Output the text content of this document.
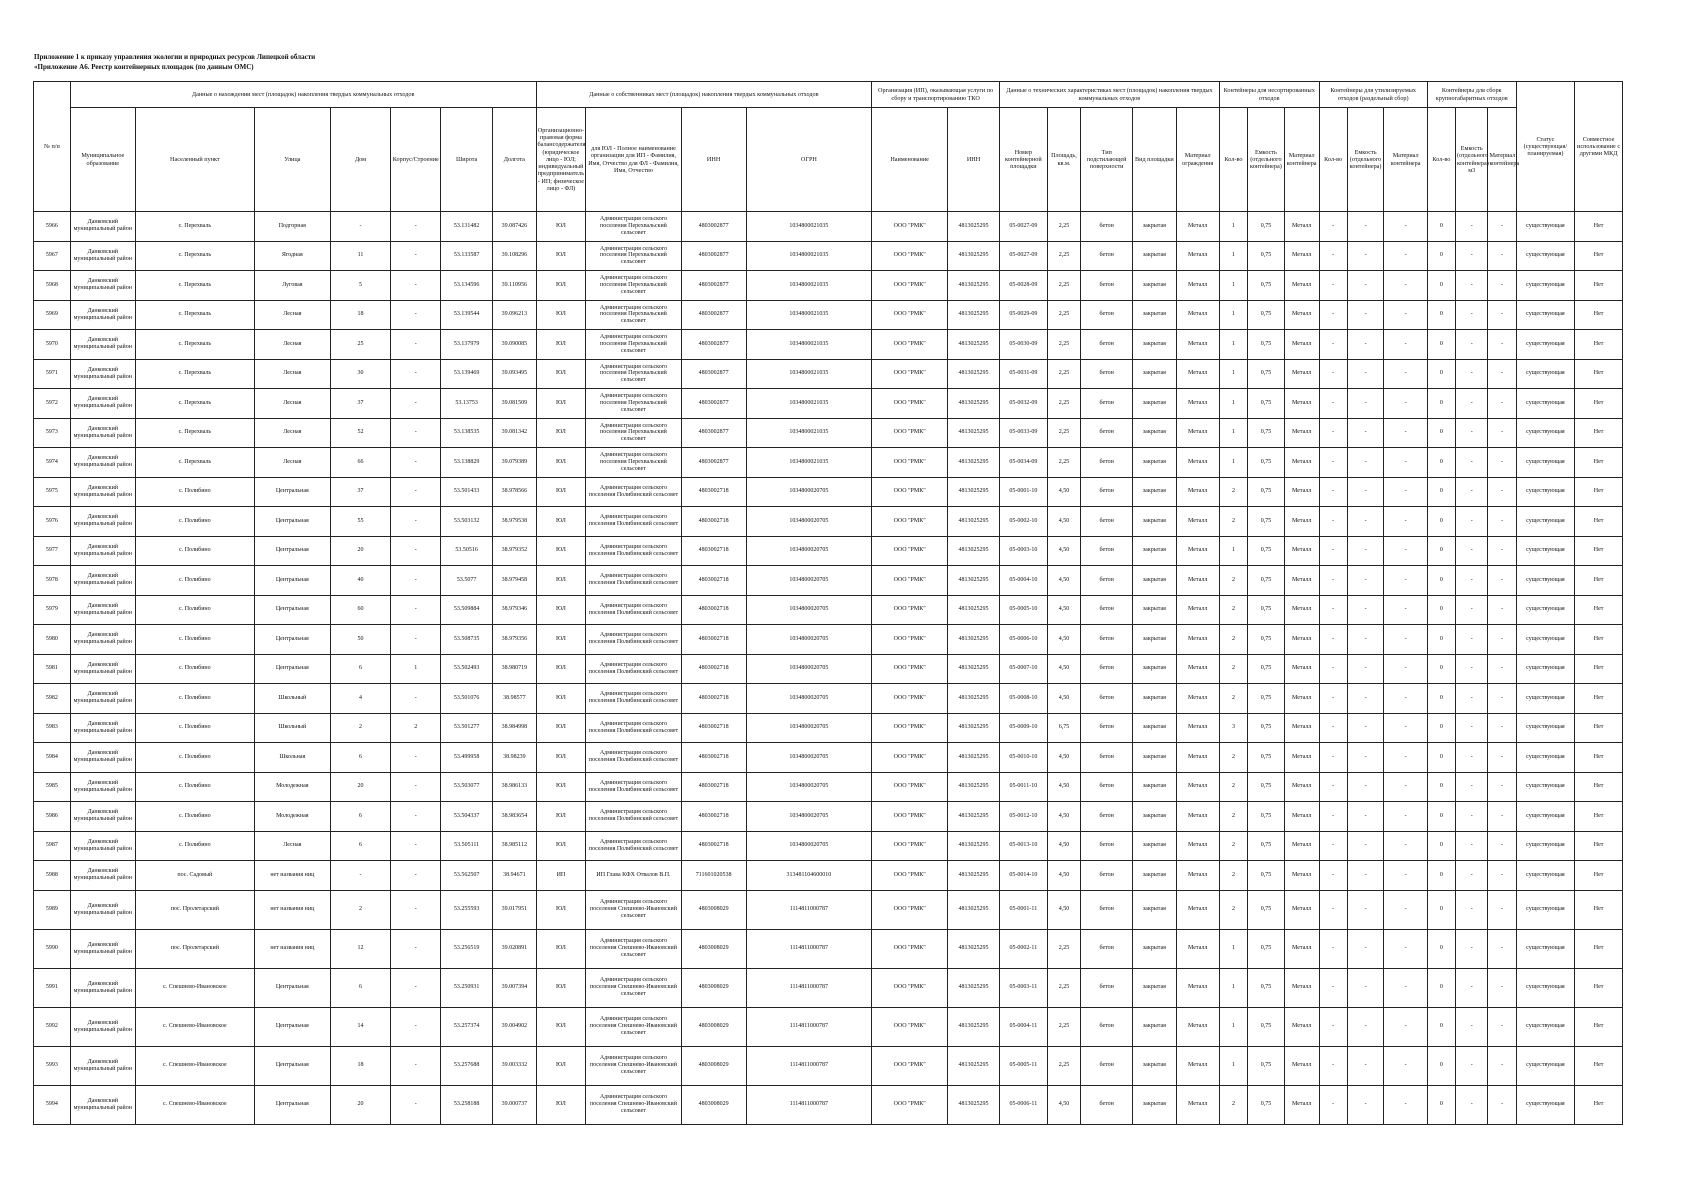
Приложение 1 к приказу управления экологии и природных ресурсов Липецкой области
«Приложение А6. Реестр контейнерных площадок (по данным ОМС)
№ п/п	Данные о нахождении мест (площадок) накопления твердых коммунальных отходов							Данные о собственниках мест (площадок) накопления твердых коммунальных отходов				Организация (ИП), оказывающая услуги по сбору и транспортированию ТКО		Данные о технических характеристиках мест (площадок) накопления твердых коммунальных отходов					Контейнеры для несортированных отходов			Контейнеры для утилизируемых отходов (раздельный сбор)			Контейнеры для сборк крупногабаритных отходов			Статус (существующая/планируемая)	Совместное использование с другими МКД
	Муниципальное образование	Населенный пункт	Улица	Дом	Корпус/Строение	Широта	Долгота	Организационно-правовая форма балансодержателя (юридическое лицо - ЮЛ; индивидуальный предприниматель - ИП; физическое лицо - ФЛ)	для ЮЛ - Полное наименование организации для ИП - Фамилия, Имя, Отчество для ФЛ - Фамилия, Имя, Отчество	ИНН	ОГРН	Наименование	ИНН	Номер контейнерной площадки	Площадь, кв.м.	Тип подстилающей поверхности	Вид площадки	Материал ограждения	Кол-во	Емкость (отдельного контейнера)	Материал контейнера	Кол-во	Емкость (отдельного контейнера)	Материал контейнера	Кол-во	Емкость (отдельного контейнера) м3	Материал контейнера		
5966	Данковский муниципальный район	с. Перехваль	Подгорная	-	-	53.131482	39.087426	ЮЛ	Администрация сельского поселения Перехвальский сельсовет	4803002877	1034800021035	ООО "РМК"	4813025295	05-0027-09	2,25	бетон	закрытая	Металл	1	0,75	Металл	-	-	-	0	-	-	существующая	Нет
5967	Данковский муниципальный район	с. Перехваль	Ягодная	11	-	53.133587	39.108296	ЮЛ	Администрация сельского поселения Перехвальский сельсовет	4803002877	1034800021035	ООО "РМК"	4813025295	05-0027-09	2,25	бетон	закрытая	Металл	1	0,75	Металл	-	-	-	0	-	-	существующая	Нет
5968	Данковский муниципальный район	с. Перехваль	Луговая	5	-	53.134596	39.110956	ЮЛ	Администрация сельского поселения Перехвальский сельсовет	4803002877	1034800021035	ООО "РМК"	4813025295	05-0028-09	2,25	бетон	закрытая	Металл	1	0,75	Металл	-	-	-	0	-	-	существующая	Нет
5969	Данковский муниципальный район	с. Перехваль	Лесная	18	-	53.139544	39.096213	ЮЛ	Администрация сельского поселения Перехвальский сельсовет	4803002877	1034800021035	ООО "РМК"	4813025295	05-0029-09	2,25	бетон	закрытая	Металл	1	0,75	Металл	-	-	-	0	-	-	существующая	Нет
5970	Данковский муниципальный район	с. Перехваль	Лесная	25	-	53.137979	39.090085	ЮЛ	Администрация сельского поселения Перехвальский сельсовет	4803002877	1034800021035	ООО "РМК"	4813025295	05-0030-09	2,25	бетон	закрытая	Металл	1	0,75	Металл	-	-	-	0	-	-	существующая	Нет
5971	Данковский муниципальный район	с. Перехваль	Лесная	30	-	53.139469	39.093495	ЮЛ	Администрация сельского поселения Перехвальский сельсовет	4803002877	1034800021035	ООО "РМК"	4813025295	05-0031-09	2,25	бетон	закрытая	Металл	1	0,75	Металл	-	-	-	0	-	-	существующая	Нет
5972	Данковский муниципальный район	с. Перехваль	Лесная	37	-	53.13753	39.081509	ЮЛ	Администрация сельского поселения Перехвальский сельсовет	4803002877	1034800021035	ООО "РМК"	4813025295	05-0032-09	2,25	бетон	закрытая	Металл	1	0,75	Металл	-	-	-	0	-	-	существующая	Нет
5973	Данковский муниципальный район	с. Перехваль	Лесная	52	-	53.138535	39.081342	ЮЛ	Администрация сельского поселения Перехвальский сельсовет	4803002877	1034800021035	ООО "РМК"	4813025295	05-0033-09	2,25	бетон	закрытая	Металл	1	0,75	Металл	-	-	-	0	-	-	существующая	Нет
5974	Данковский муниципальный район	с. Перехваль	Лесная	66	-	53.138829	39.079389	ЮЛ	Администрация сельского поселения Перехвальский сельсовет	4803002877	1034800021035	ООО "РМК"	4813025295	05-0034-09	2,25	бетон	закрытая	Металл	1	0,75	Металл	-	-	-	0	-	-	существующая	Нет
5975	Данковский муниципальный район	с. Полибино	Центральная	37	-	53.501433	38.978566	ЮЛ	Администрация сельского поселения Полибинский сельсовет	4803002718	1034800020705	ООО "РМК"	4813025295	05-0001-10	4,50	бетон	закрытая	Металл	2	0,75	Металл	-	-	-	0	-	-	существующая	Нет
5976	Данковский муниципальный район	с. Полибино	Центральная	55	-	53.503132	38.979538	ЮЛ	Администрация сельского поселения Полибинский сельсовет	4803002718	1034800020705	ООО "РМК"	4813025295	05-0002-10	4,50	бетон	закрытая	Металл	2	0,75	Металл	-	-	-	0	-	-	существующая	Нет
5977	Данковский муниципальный район	с. Полибино	Центральная	20	-	53.50516	38.979352	ЮЛ	Администрация сельского поселения Полибинский сельсовет	4803002718	1034800020705	ООО "РМК"	4813025295	05-0003-10	4,50	бетон	закрытая	Металл	1	0,75	Металл	-	-	-	0	-	-	существующая	Нет
5978	Данковский муниципальный район	с. Полибино	Центральная	40	-	53.5077	38.979458	ЮЛ	Администрация сельского поселения Полибинский сельсовет	4803002718	1034800020705	ООО "РМК"	4813025295	05-0004-10	4,50	бетон	закрытая	Металл	2	0,75	Металл	-	-	-	0	-	-	существующая	Нет
5979	Данковский муниципальный район	с. Полибино	Центральная	60	-	53.509884	38.979346	ЮЛ	Администрация сельского поселения Полибинский сельсовет	4803002718	1034800020705	ООО "РМК"	4813025295	05-0005-10	4,50	бетон	закрытая	Металл	2	0,75	Металл	-	-	-	0	-	-	существующая	Нет
5980	Данковский муниципальный район	с. Полибино	Центральная	50	-	53.508735	38.979356	ЮЛ	Администрация сельского поселения Полибинский сельсовет	4803002718	1034800020705	ООО "РМК"	4813025295	05-0006-10	4,50	бетон	закрытая	Металл	2	0,75	Металл	-	-	-	0	-	-	существующая	Нет
5981	Данковский муниципальный район	с. Полибино	Центральная	6	1	53.502493	38.980719	ЮЛ	Администрация сельского поселения Полибинский сельсовет	4803002718	1034800020705	ООО "РМК"	4813025295	05-0007-10	4,50	бетон	закрытая	Металл	2	0,75	Металл	-	-	-	0	-	-	существующая	Нет
5982	Данковский муниципальный район	с. Полибино	Школьный	4	-	53.501076	38.98577	ЮЛ	Администрация сельского поселения Полибинский сельсовет	4803002718	1034800020705	ООО "РМК"	4813025295	05-0008-10	4,50	бетон	закрытая	Металл	2	0,75	Металл	-	-	-	0	-	-	существующая	Нет
5983	Данковский муниципальный район	с. Полибино	Школьный	2	2	53.501277	38.984998	ЮЛ	Администрация сельского поселения Полибинский сельсовет	4803002718	1034800020705	ООО "РМК"	4813025295	05-0009-10	6,75	бетон	закрытая	Металл	3	0,75	Металл	-	-	-	0	-	-	существующая	Нет
5984	Данковский муниципальный район	с. Полибино	Школьная	6	-	53.499958	38.98239	ЮЛ	Администрация сельского поселения Полибинский сельсовет	4803002718	1034800020705	ООО "РМК"	4813025295	05-0010-10	4,50	бетон	закрытая	Металл	2	0,75	Металл	-	-	-	0	-	-	существующая	Нет
5985	Данковский муниципальный район	с. Полибино	Молодежная	20	-	53.503077	38.986133	ЮЛ	Администрация сельского поселения Полибинский сельсовет	4803002718	1034800020705	ООО "РМК"	4813025295	05-0011-10	4,50	бетон	закрытая	Металл	2	0,75	Металл	-	-	-	0	-	-	существующая	Нет
5986	Данковский муниципальный район	с. Полибино	Молодежная	6	-	53.504337	38.983654	ЮЛ	Администрация сельского поселения Полибинский сельсовет	4803002718	1034800020705	ООО "РМК"	4813025295	05-0012-10	4,50	бетон	закрытая	Металл	2	0,75	Металл	-	-	-	0	-	-	существующая	Нет
5987	Данковский муниципальный район	с. Полибино	Лесная	6	-	53.505111	38.985112	ЮЛ	Администрация сельского поселения Полибинский сельсовет	4803002718	1034800020705	ООО "РМК"	4813025295	05-0013-10	4,50	бетон	закрытая	Металл	2	0,75	Металл	-	-	-	0	-	-	существующая	Нет
5988	Данковский муниципальный район	пос. Садовый	нет названия ниц	-	-	53.562507	38.94671	ИП	ИП Глава КФХ Отвалов В.П.	711601020538	313481104600010	ООО "РМК"	4813025295	05-0014-10	4,50	бетон	закрытая	Металл	2	0,75	Металл	-	-	-	0	-	-	существующая	Нет
5989	Данковский муниципальный район	пос. Пролетарский	нет названия ниц	2	-	53.255593	39.017951	ЮЛ	Администрация сельского поселения Спешнево-Ивановский сельсовет	4803008029	1114811000787	ООО "РМК"	4813025295	05-0001-11	4,50	бетон	закрытая	Металл	2	0,75	Металл	-	-	-	0	-	-	существующая	Нет
5990	Данковский муниципальный район	пос. Пролетарский	нет названия ниц	12	-	53.256519	39.020891	ЮЛ	Администрация сельского поселения Спешнево-Ивановский сельсовет	4803008029	1114811000787	ООО "РМК"	4813025295	05-0002-11	2,25	бетон	закрытая	Металл	1	0,75	Металл	-	-	-	0	-	-	существующая	Нет
5991	Данковский муниципальный район	с. Спешнево-Ивановское	Центральная	6	-	53.250931	39.007394	ЮЛ	Администрация сельского поселения Спешнево-Ивановский сельсовет	4803008029	1114811000787	ООО "РМК"	4813025295	05-0003-11	2,25	бетон	закрытая	Металл	1	0,75	Металл	-	-	-	0	-	-	существующая	Нет
5992	Данковский муниципальный район	с. Спешнево-Ивановское	Центральная	14	-	53.257374	39.004902	ЮЛ	Администрация сельского поселения Спешнево-Ивановский сельсовет	4803008029	1114811000787	ООО "РМК"	4813025295	05-0004-11	2,25	бетон	закрытая	Металл	1	0,75	Металл	-	-	-	0	-	-	существующая	Нет
5993	Данковский муниципальный район	с. Спешнево-Ивановское	Центральная	18	-	53.257688	39.003332	ЮЛ	Администрация сельского поселения Спешнево-Ивановский сельсовет	4803008029	1114811000787	ООО "РМК"	4813025295	05-0005-11	2,25	бетон	закрытая	Металл	1	0,75	Металл	-	-	-	0	-	-	существующая	Нет
5994	Данковский муниципальный район	с. Спешнево-Ивановское	Центральная	20	-	53.258188	39.000737	ЮЛ	Администрация сельского поселения Спешнево-Ивановский сельсовет	4803008029	1114811000787	ООО "РМК"	4813025295	05-0006-11	4,50	бетон	закрытая	Металл	2	0,75	Металл	-	-	-	0	-	-	существующая	Нет
